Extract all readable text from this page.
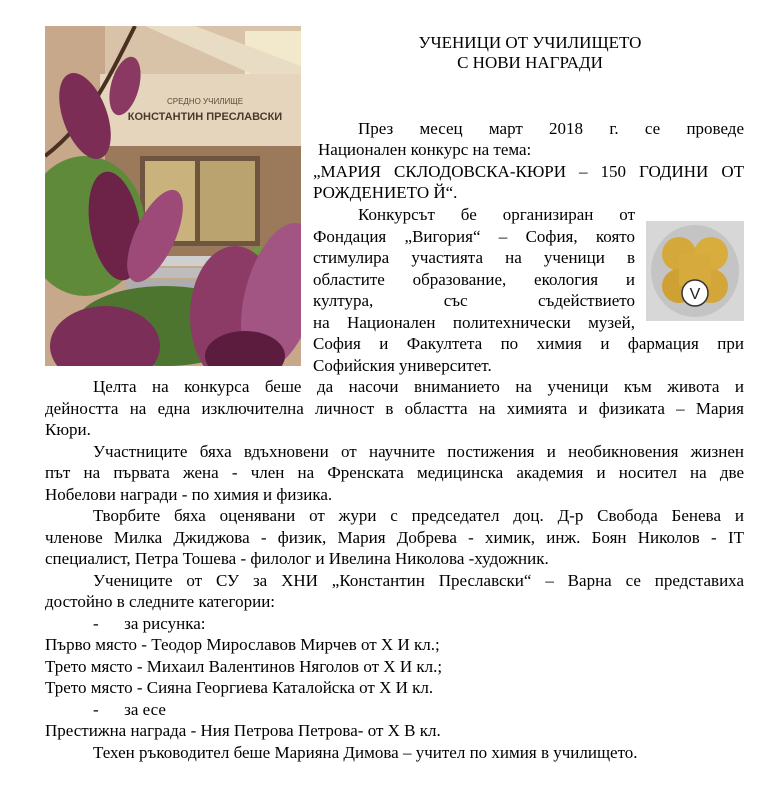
СРЕДНО УЧИЛИЩЕ
КОНСТАНТИН ПРЕСЛАВСКИ
УЧЕНИЦИ ОТ УЧИЛИЩЕТО
С НОВИ НАГРАДИ
V
През месец март 2018 г. се проведе
Национален конкурс на тема:
„МАРИЯ СКЛОДОВСКА-КЮРИ – 150 ГОДИНИ ОТ
РОЖДЕНИЕТО Й“.
Конкурсът бе организиран от
Фондация „Вигория“ – София, която
стимулира участията на ученици в
областите образование, екология и
култура, със съдействието
на Национален политехнически музей,
София и Факултета по химия и фармация при
Софийския университет.
Целта на конкурса беше да насочи вниманието на ученици към живота и
дейността на една изключителна личност в областта на химията и физиката – Мария
Кюри.
Участниците бяха вдъхновени от научните постижения и необикновения жизнен
път на първата жена - член на Френската медицинска академия и носител на две
Нобелови награди - по химия и физика.
Творбите бяха оценявани от жури с председател доц. Д-р Свобода Беневa и
членове Милка Джиджова - физик, Мария Добрева - химик, инж. Боян Николов - IT
специалист, Петра Тошева - филолог и Ивелина Николова -художник.
Учениците от СУ за ХНИ „Константин Преславски“ – Варна се представиха
достойно в следните категории:
-      за рисунка:
Първо място - Теодор Мирославов Мирчев от Х И кл.;
Трето място - Михаил Валентинов Няголов от Х И кл.;
Трето място - Сияна Георгиева Каталойска от Х И кл.
-      за есе
Престижна награда - Ния Петрова Петрова- от Х В кл.
Техен ръководител беше Марияна Димова – учител по химия в училището.
